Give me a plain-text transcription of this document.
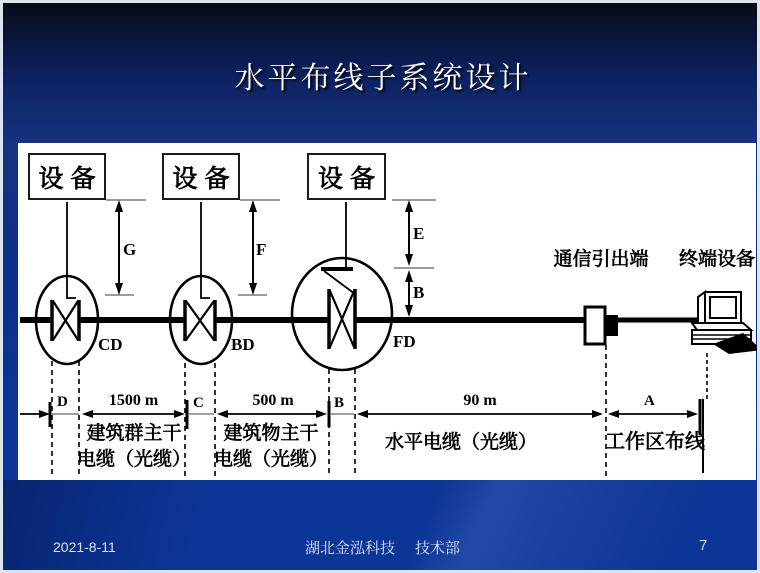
水平布线子系统设计
设备	设备	设备
G	F
E
B
CD	BD	FD
通信引出端 终端设备
D	C	B	A
1500 m	500 m	90 m
建筑群主干
电缆（光缆）
建筑物主干
电缆（光缆）
水平电缆（光缆）	工作区布线
2021-8-11	湖北金泓科技 技术部	7
